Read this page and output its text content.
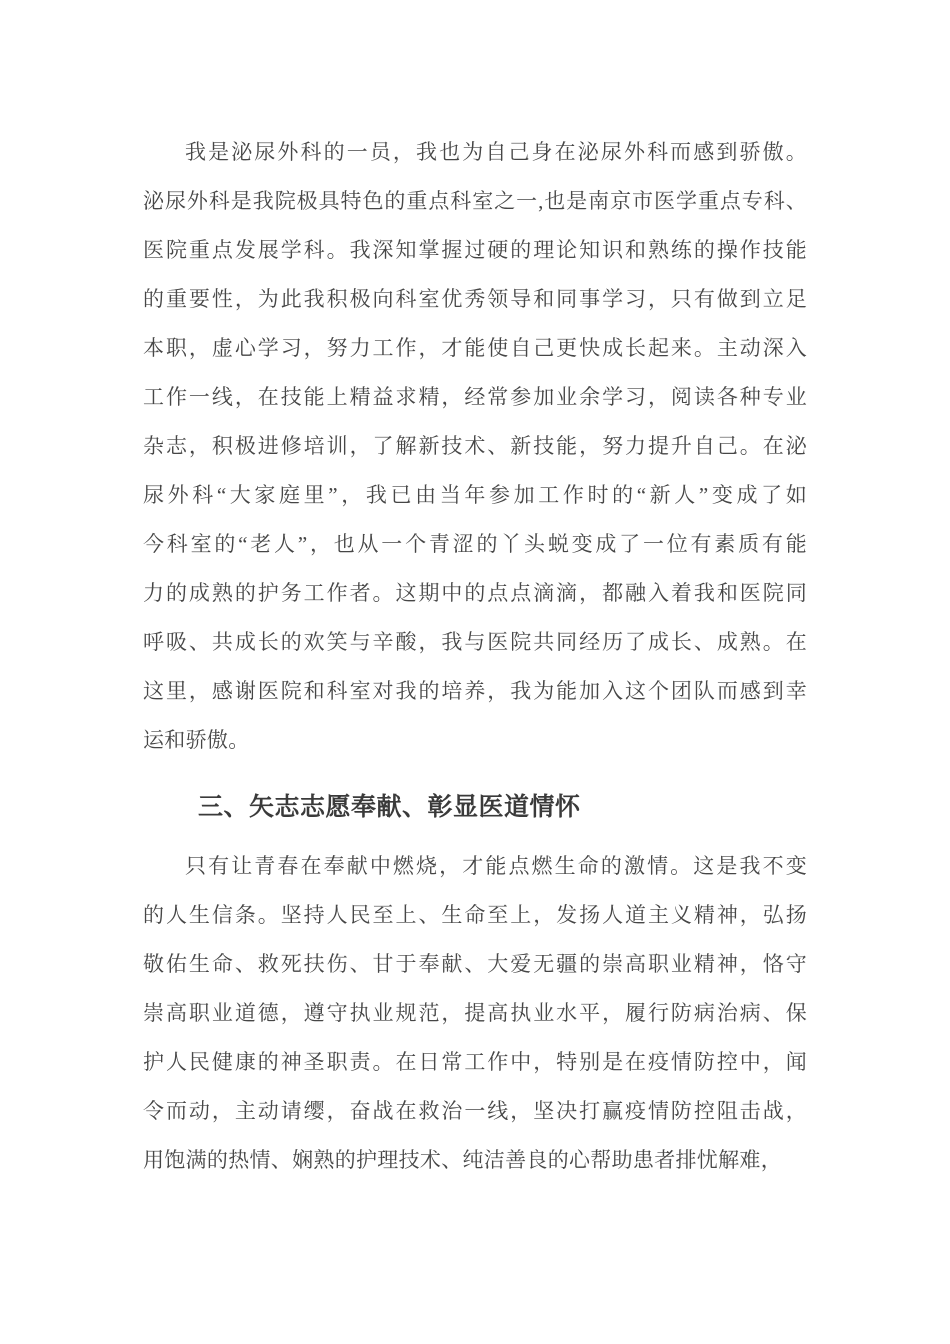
我是泌尿外科的一员，我也为自己身在泌尿外科而感到骄傲。
泌尿外科是我院极具特色的重点科室之一,也是南京市医学重点专科、
医院重点发展学科。我深知掌握过硬的理论知识和熟练的操作技能
的重要性，为此我积极向科室优秀领导和同事学习，只有做到立足
本职，虚心学习，努力工作，才能使自己更快成长起来。主动深入
工作一线，在技能上精益求精，经常参加业余学习，阅读各种专业
杂志，积极进修培训，了解新技术、新技能，努力提升自己。在泌
尿外科“大家庭里”，我已由当年参加工作时的“新人”变成了如
今科室的“老人”，也从一个青涩的丫头蜕变成了一位有素质有能
力的成熟的护务工作者。这期中的点点滴滴，都融入着我和医院同
呼吸、共成长的欢笑与辛酸，我与医院共同经历了成长、成熟。在
这里，感谢医院和科室对我的培养，我为能加入这个团队而感到幸
运和骄傲。
三、矢志志愿奉献、彰显医道情怀
只有让青春在奉献中燃烧，才能点燃生命的激情。这是我不变
的人生信条。坚持人民至上、生命至上，发扬人道主义精神，弘扬
敬佑生命、救死扶伤、甘于奉献、大爱无疆的崇高职业精神，恪守
崇高职业道德，遵守执业规范，提高执业水平，履行防病治病、保
护人民健康的神圣职责。在日常工作中，特别是在疫情防控中，闻
令而动，主动请缨，奋战在救治一线，坚决打赢疫情防控阻击战，
用饱满的热情、娴熟的护理技术、纯洁善良的心帮助患者排忧解难，
